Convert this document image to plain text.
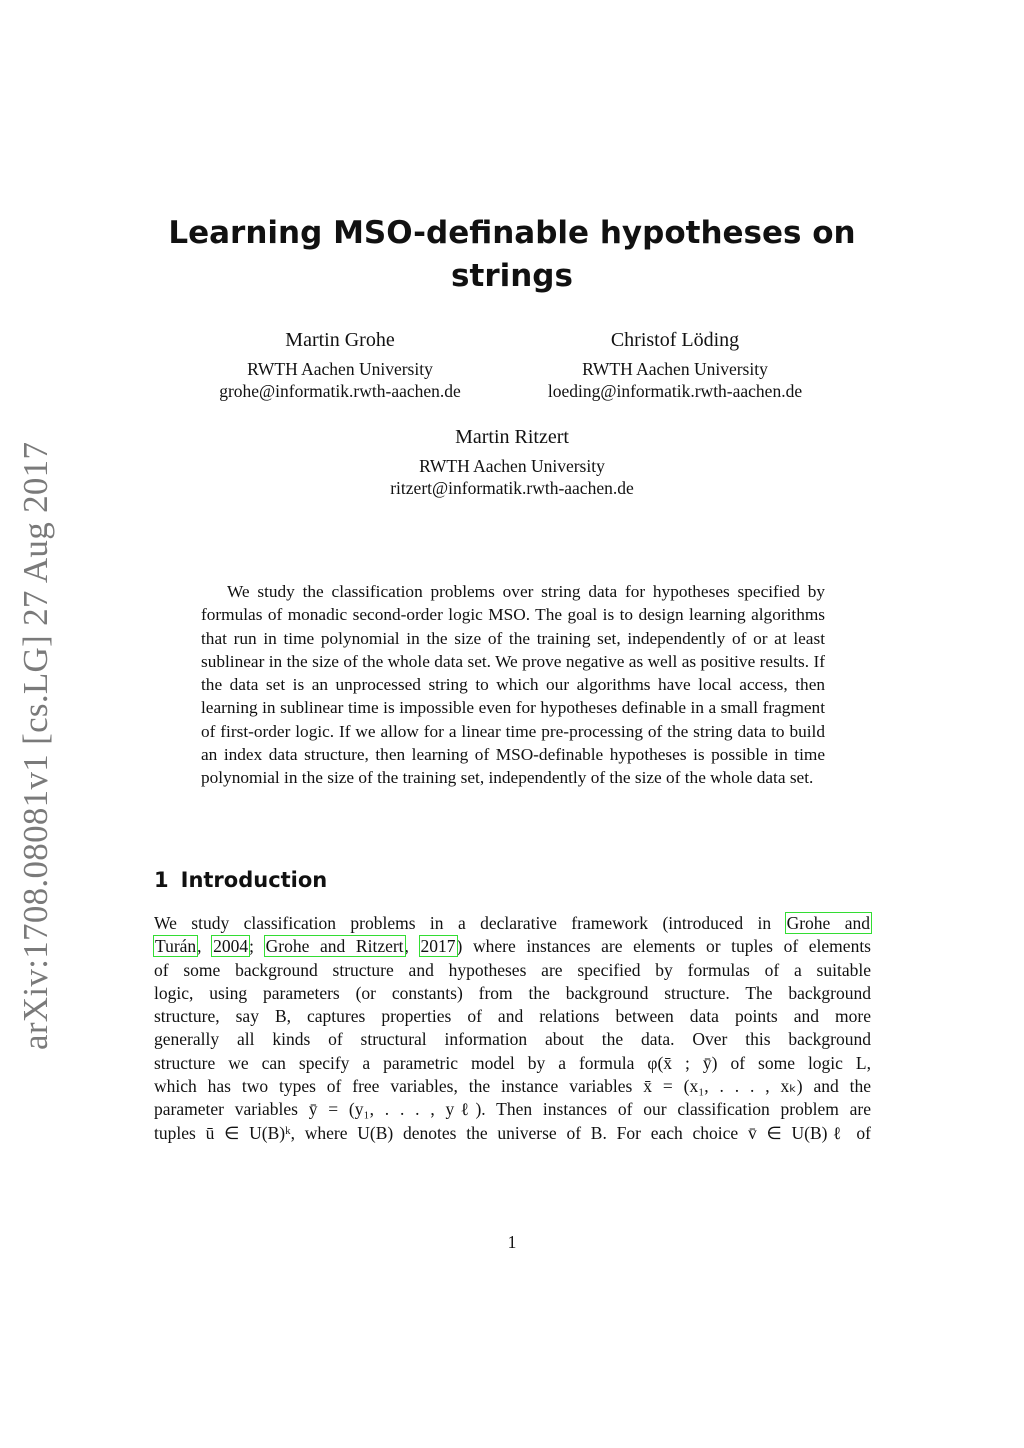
arXiv:1708.08081v1 [cs.LG] 27 Aug 2017
Learning MSO-definable hypotheses on
strings
Martin Grohe
RWTH Aachen University
grohe@informatik.rwth-aachen.de
Christof Löding
RWTH Aachen University
loeding@informatik.rwth-aachen.de
Martin Ritzert
RWTH Aachen University
ritzert@informatik.rwth-aachen.de

We study the classification problems over string data for hypotheses specified by formulas of monadic second-order logic MSO. The goal is to design learning algorithms that run in time polynomial in the size of the training set, independently of or at least sublinear in the size of the whole data set. We prove negative as well as positive results. If the data set is an unprocessed string to which our algorithms have local access, then learning in sublinear time is impossible even for hypotheses definable in a small fragment of first-order logic. If we allow for a linear time pre-processing of the string data to build an index data structure, then learning of MSO-definable hypotheses is possible in time polynomial in the size of the training set, independently of the size of the whole data set.

1 Introduction
We study classification problems in a declarative framework (introduced in Grohe and
Turán, 2004; Grohe and Ritzert, 2017) where instances are elements or tuples of elements
of some background structure and hypotheses are specified by formulas of a suitable
logic, using parameters (or constants) from the background structure. The background
structure, say B, captures properties of and relations between data points and more
generally all kinds of structural information about the data. Over this background
structure we can specify a parametric model by a formula φ(x̄ ; ȳ) of some logic L,
which has two types of free variables, the instance variables x̄ = (x₁, . . . , xₖ) and the
parameter variables ȳ = (y₁, . . . , yℓ). Then instances of our classification problem are
tuples ū ∈ U(B)ᵏ, where U(B) denotes the universe of B. For each choice v̄ ∈ U(B)ℓ of
1
